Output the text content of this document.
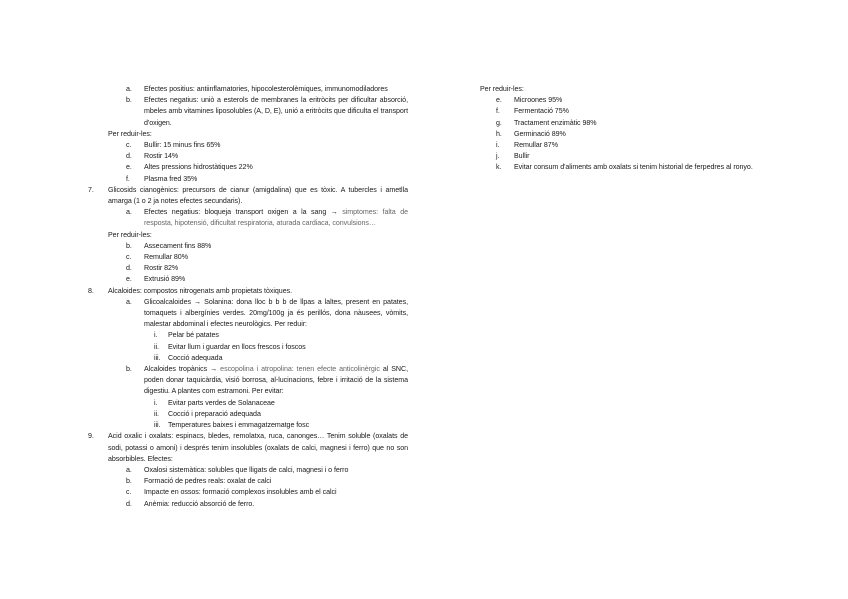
a. Efectes positius: antiinflamatories, hipocolesterolèmiques, immunomodiladores
b. Efectes negatius: uniò a esterols de membranes la eritròcits per dificultar absorció, mbeles amb vitamines liposolubles (A, D, E), unió a eritròcits que dificulta el transport d'oxigen.
Per reduir-les:
c. Bullir: 15 minus fins 65%
d. Rostir 14%
e. Altes pressions hidrostàtiques 22%
f. Plasma fred 35%
7. Glicosids cianogènics: precursors de cianur (amigdalina) que es tòxic. A tubercles i ametlla amarga (1 o 2 ja notes efectes secundaris).
a. Efectes negatius: bloqueja transport oxigen a la sang → simptomes: falta de resposta, hipotensió, dificultat respiratoria, aturada cardiaca, convulsions…
Per reduir-les:
b. Assecament fins 88%
c. Remullar 80%
d. Rostir 82%
e. Extrusió 89%
8. Alcaloides: compostos nitrogenats amb propietats tòxiques.
a. Glicoalcaloides → Solanina: dona lloc b b b de llpas a laltes, present en patates, tomaquets i albergínies verdes. 20mg/100g ja és perillós, dona nàusees, vòmits, malestar abdominal i efectes neurològics. Per reduir:
i. Pelar bé patates
ii. Evitar llum i guardar en llocs frescos i foscos
iii. Cocció adequada
b. Alcaloides tropànics → escopolina i atropolina: tenen efecte anticolinèrgic al SNC, poden donar taquicàrdia, visió borrosa, al-lucinacions, febre i irritació de la sistema digestiu. A plantes com estramoni. Per evitar:
i. Evitar parts verdes de Solanaceae
ii. Cocció i preparació adequada
iii. Temperatures baixes i emmagatzematge fosc
9. Acid oxalic i oxalats: espinacs, bledes, remolatxa, ruca, canonges… Tenim soluble (oxalats de sodi, potassi o amoni) i després tenim insolubles (oxalats de calci, magnesi i ferro) que no son absorbibles. Efectes:
a. Oxalosi sistemàtica: solubles que lligats de calci, magnesi i o ferro
b. Formació de pedres reals: oxalat de calci
c. Impacte en ossos: formació complexos insolubles amb el calci
d. Anèmia: reducció absorció de ferro.
Per reduir-les:
e. Microones 95%
f. Fermentació 75%
g. Tractament enzimàtic 98%
h. Germinació 89%
i. Remullar 87%
j. Bullir
k. Evitar consum d'aliments amb oxalats si tenim historial de ferpedres al ronyo.
